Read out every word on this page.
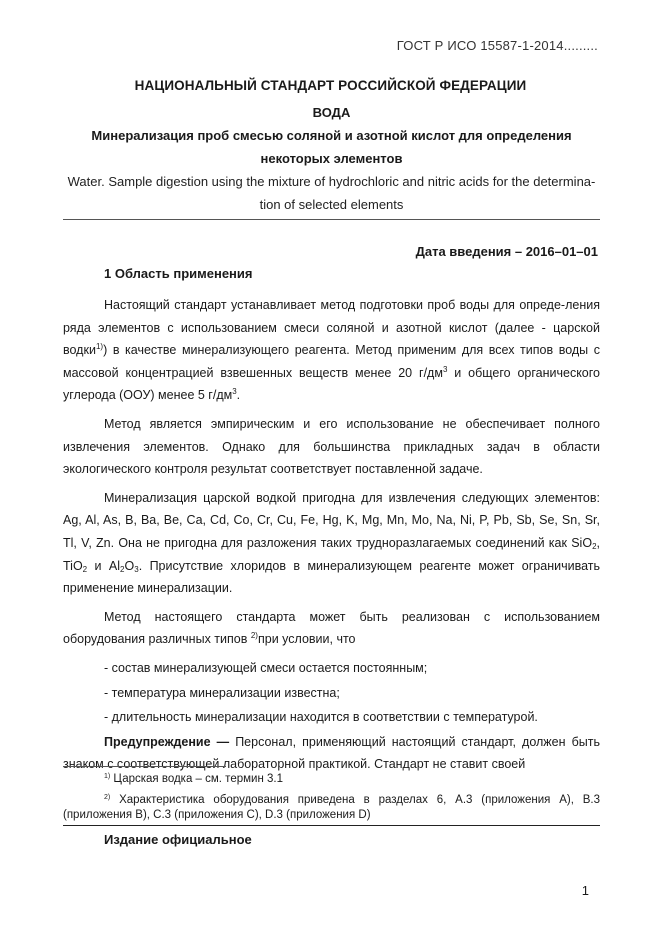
ГОСТ Р ИСО 15587-1-2014.........
НАЦИОНАЛЬНЫЙ СТАНДАРТ РОССИЙСКОЙ ФЕДЕРАЦИИ
ВОДА
Минерализация проб смесью соляной и азотной кислот для определения
некоторых элементов
Water. Sample digestion using the mixture of hydrochloric and nitric acids for the determina-
tion of selected elements
Дата введения – 2016–01–01
1 Область применения

Настоящий стандарт устанавливает метод подготовки проб воды для опреде-ления ряда элементов с использованием смеси соляной и азотной кислот (далее - царской водки$^{1)}$) в качестве минерализующего реагента. Метод применим для всех типов воды с массовой концентрацией взвешенных веществ менее 20 $г/дм^3$ и общего органического углерода (ООУ) менее 5 $г/дм^3$.

Метод является эмпирическим и его использование не обеспечивает полного извлечения элементов. Однако для большинства прикладных задач в области экологического контроля результат соответствует поставленной задаче.

Минерализация царской водкой пригодна для извлечения следующих элементов: Ag, Al, As, B, Ba, Be, Ca, Cd, Co, Cr, Cu, Fe, Hg, K, Mg, Mn, Mo, Na, Ni, P, Pb, Sb, Se, Sn, Sr, Tl, V, Zn. Она не пригодна для разложения таких трудноразлагаемых соединений как SiO$_2$, TiO$_2$ и $Al_2O_3$. Присутствие хлоридов в минерализующем реагенте может ограничивать применение минерализации.

Метод настоящего стандарта может быть реализован с использованием оборудования различных типов $^{2)}$при условии, что

- состав минерализующей смеси остается постоянным;

- температура минерализации известна;

- длительность минерализации находится в соответствии с температурой.

Предупреждение — Персонал, применяющий настоящий стандарт, должен быть знаком с соответствующей лабораторной практикой. Стандарт не ставит своей

$^{1)}$ Царская водка – см. термин 3.1

$^{2)}$ Характеристика оборудования приведена в разделах 6, А.3 (приложения А), В.3 (приложения В), С.3 (приложения С), D.3 (приложения D)

Издание официальное
1
